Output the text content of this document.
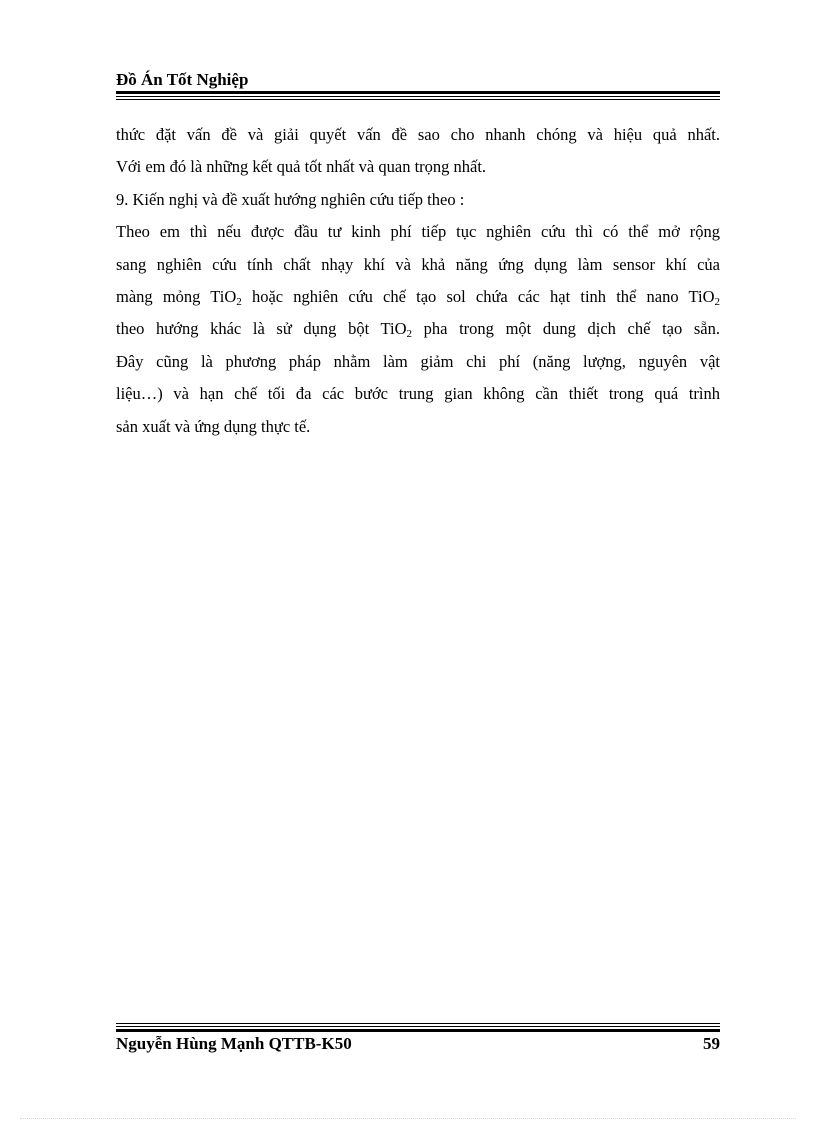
Đồ Án Tốt Nghiệp
thức đặt vấn đề và giải quyết vấn đề sao cho nhanh chóng và hiệu quả nhất.
Với em đó là những kết quả tốt nhất và quan trọng nhất.
9. Kiến nghị và đề xuất hướng nghiên cứu tiếp theo :
Theo em thì nếu được đầu tư kinh phí tiếp tục nghiên cứu thì có thể mở rộng
sang nghiên cứu tính chất nhạy khí và khả năng ứng dụng làm sensor khí của
màng mỏng TiO$_2$ hoặc nghiên cứu chế tạo sol chứa các hạt tinh thể nano TiO$_2$
theo hướng khác là sử dụng bột TiO$_2$ pha trong một dung dịch chế tạo sẵn.
Đây cũng là phương pháp nhằm làm giảm chi phí (năng lượng, nguyên vật
liệu…) và hạn chế tối đa các bước trung gian không cần thiết trong quá trình
sản xuất và ứng dụng thực tế.
Nguyễn Hùng Mạnh QTTB-K50	59
